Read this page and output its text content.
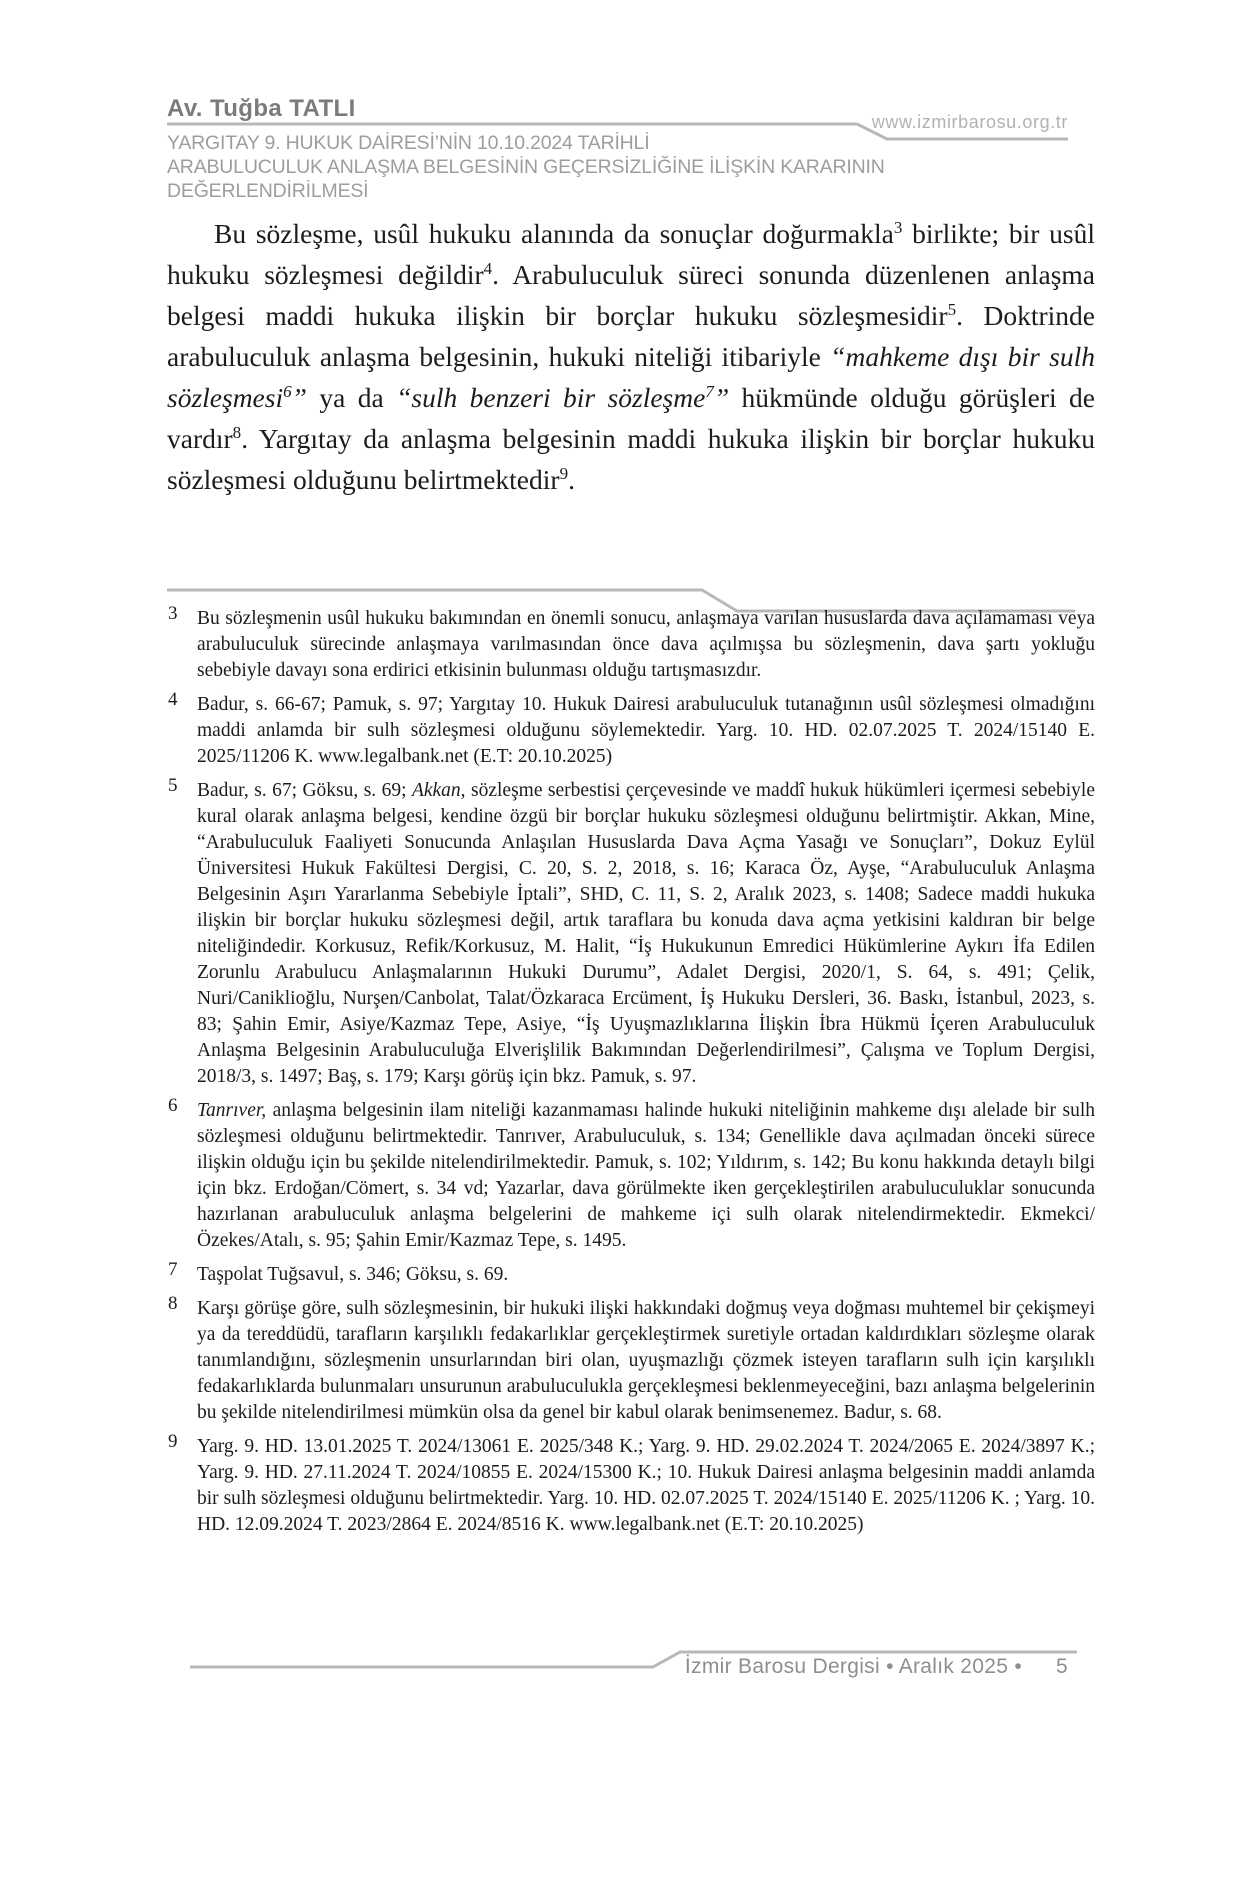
Av. Tuğba TATLI	www.izmirbarosu.org.tr
YARGITAY 9. HUKUK DAİRESİ’NİN 10.10.2024 TARİHLİ
ARABULUCULUK ANLAŞMA BELGESİNİN GEÇERSİZLİĞİNE İLİŞKİN KARARININ
DEĞERLENDİRİLMESİ

Bu sözleşme, usûl hukuku alanında da sonuçlar doğurmakla$^3$ birlikte; bir usûl hukuku sözleşmesi değildir$^4$. Arabuluculuk süreci sonunda düzenlenen anlaşma belgesi maddi hukuka ilişkin bir borçlar hukuku sözleşmesidir$^5$. Doktrinde arabuluculuk anlaşma belgesinin, hukuki niteliği itibariyle “mahkeme dışı bir sulh sözleşmesi$^6$” ya da “sulh benzeri bir sözleşme$^7$” hükmünde olduğu görüşleri de vardır$^8$. Yargıtay da anlaşma belgesinin maddi hukuka ilişkin bir borçlar hukuku sözleşmesi olduğunu belirtmektedir$^9$.

3 Bu sözleşmenin usûl hukuku bakımından en önemli sonucu, anlaşmaya varılan hususlarda dava açılamaması veya arabuluculuk sürecinde anlaşmaya varılmasından önce dava açılmışsa bu sözleşmenin, dava şartı yokluğu sebebiyle davayı sona erdirici etkisinin bulunması olduğu tartışmasızdır.
4 Badur, s. 66-67; Pamuk, s. 97; Yargıtay 10. Hukuk Dairesi arabuluculuk tutanağının usûl sözleşmesi olmadığını maddi anlamda bir sulh sözleşmesi olduğunu söylemektedir. Yarg. 10. HD. 02.07.2025 T. 2024/15140 E. 2025/11206 K. www.legalbank.net (E.T: 20.10.2025)
5 Badur, s. 67; Göksu, s. 69; Akkan, sözleşme serbestisi çerçevesinde ve maddî hukuk hükümleri içermesi sebebiyle kural olarak anlaşma belgesi, kendine özgü bir borçlar hukuku sözleşmesi olduğunu belirtmiştir. Akkan, Mine, “Arabuluculuk Faaliyeti Sonucunda Anlaşılan Hususlarda Dava Açma Yasağı ve Sonuçları”, Dokuz Eylül Üniversitesi Hukuk Fakültesi Dergisi, C. 20, S. 2, 2018, s. 16; Karaca Öz, Ayşe, “Arabuluculuk Anlaşma Belgesinin Aşırı Yararlanma Sebebiyle İptali”, SHD, C. 11, S. 2, Aralık 2023, s. 1408; Sadece maddi hukuka ilişkin bir borçlar hukuku sözleşmesi değil, artık taraflara bu konuda dava açma yetkisini kaldıran bir belge niteliğindedir. Korkusuz, Refik/Korkusuz, M. Halit, “İş Hukukunun Emredici Hükümlerine Aykırı İfa Edilen Zorunlu Arabulucu Anlaşmalarının Hukuki Durumu”, Adalet Dergisi, 2020/1, S. 64, s. 491; Çelik, Nuri/Caniklioğlu, Nurşen/Canbolat, Talat/Özkaraca Ercüment, İş Hukuku Dersleri, 36. Baskı, İstanbul, 2023, s. 83; Şahin Emir, Asiye/Kazmaz Tepe, Asiye, “İş Uyuşmazlıklarına İlişkin İbra Hükmü İçeren Arabuluculuk Anlaşma Belgesinin Arabuluculuğa Elverişlilik Bakımından Değerlendirilmesi”, Çalışma ve Toplum Dergisi, 2018/3, s. 1497; Baş, s. 179; Karşı görüş için bkz. Pamuk, s. 97.
6 Tanrıver, anlaşma belgesinin ilam niteliği kazanmaması halinde hukuki niteliğinin mahkeme dışı alelade bir sulh sözleşmesi olduğunu belirtmektedir. Tanrıver, Arabuluculuk, s. 134; Genellikle dava açılmadan önceki sürece ilişkin olduğu için bu şekilde nitelendirilmektedir. Pamuk, s. 102; Yıldırım, s. 142; Bu konu hakkında detaylı bilgi için bkz. Erdoğan/Cömert, s. 34 vd; Yazarlar, dava görülmekte iken gerçekleştirilen arabuluculuklar sonucunda hazırlanan arabuluculuk anlaşma belgelerini de mahkeme içi sulh olarak nitelendirmektedir. Ekmekci/Özekes/Atalı, s. 95; Şahin Emir/Kazmaz Tepe, s. 1495.
7 Taşpolat Tuğsavul, s. 346; Göksu, s. 69.
8 Karşı görüşe göre, sulh sözleşmesinin, bir hukuki ilişki hakkındaki doğmuş veya doğması muhtemel bir çekişmeyi ya da tereddüdü, tarafların karşılıklı fedakarlıklar gerçekleştirmek suretiyle ortadan kaldırdıkları sözleşme olarak tanımlandığını, sözleşmenin unsurlarından biri olan, uyuşmazlığı çözmek isteyen tarafların sulh için karşılıklı fedakarlıklarda bulunmaları unsurunun arabuluculukla gerçekleşmesi beklenmeyeceğini, bazı anlaşma belgelerinin bu şekilde nitelendirilmesi mümkün olsa da genel bir kabul olarak benimsenemez. Badur, s. 68.
9 Yarg. 9. HD. 13.01.2025 T. 2024/13061 E. 2025/348 K.; Yarg. 9. HD. 29.02.2024 T. 2024/2065 E. 2024/3897 K.; Yarg. 9. HD. 27.11.2024 T. 2024/10855 E. 2024/15300 K.; 10. Hukuk Dairesi anlaşma belgesinin maddi anlamda bir sulh sözleşmesi olduğunu belirtmektedir. Yarg. 10. HD. 02.07.2025 T. 2024/15140 E. 2025/11206 K. ; Yarg. 10. HD. 12.09.2024 T. 2023/2864 E. 2024/8516 K. www.legalbank.net (E.T: 20.10.2025)
İzmir Barosu Dergisi • Aralık 2025 • 5
